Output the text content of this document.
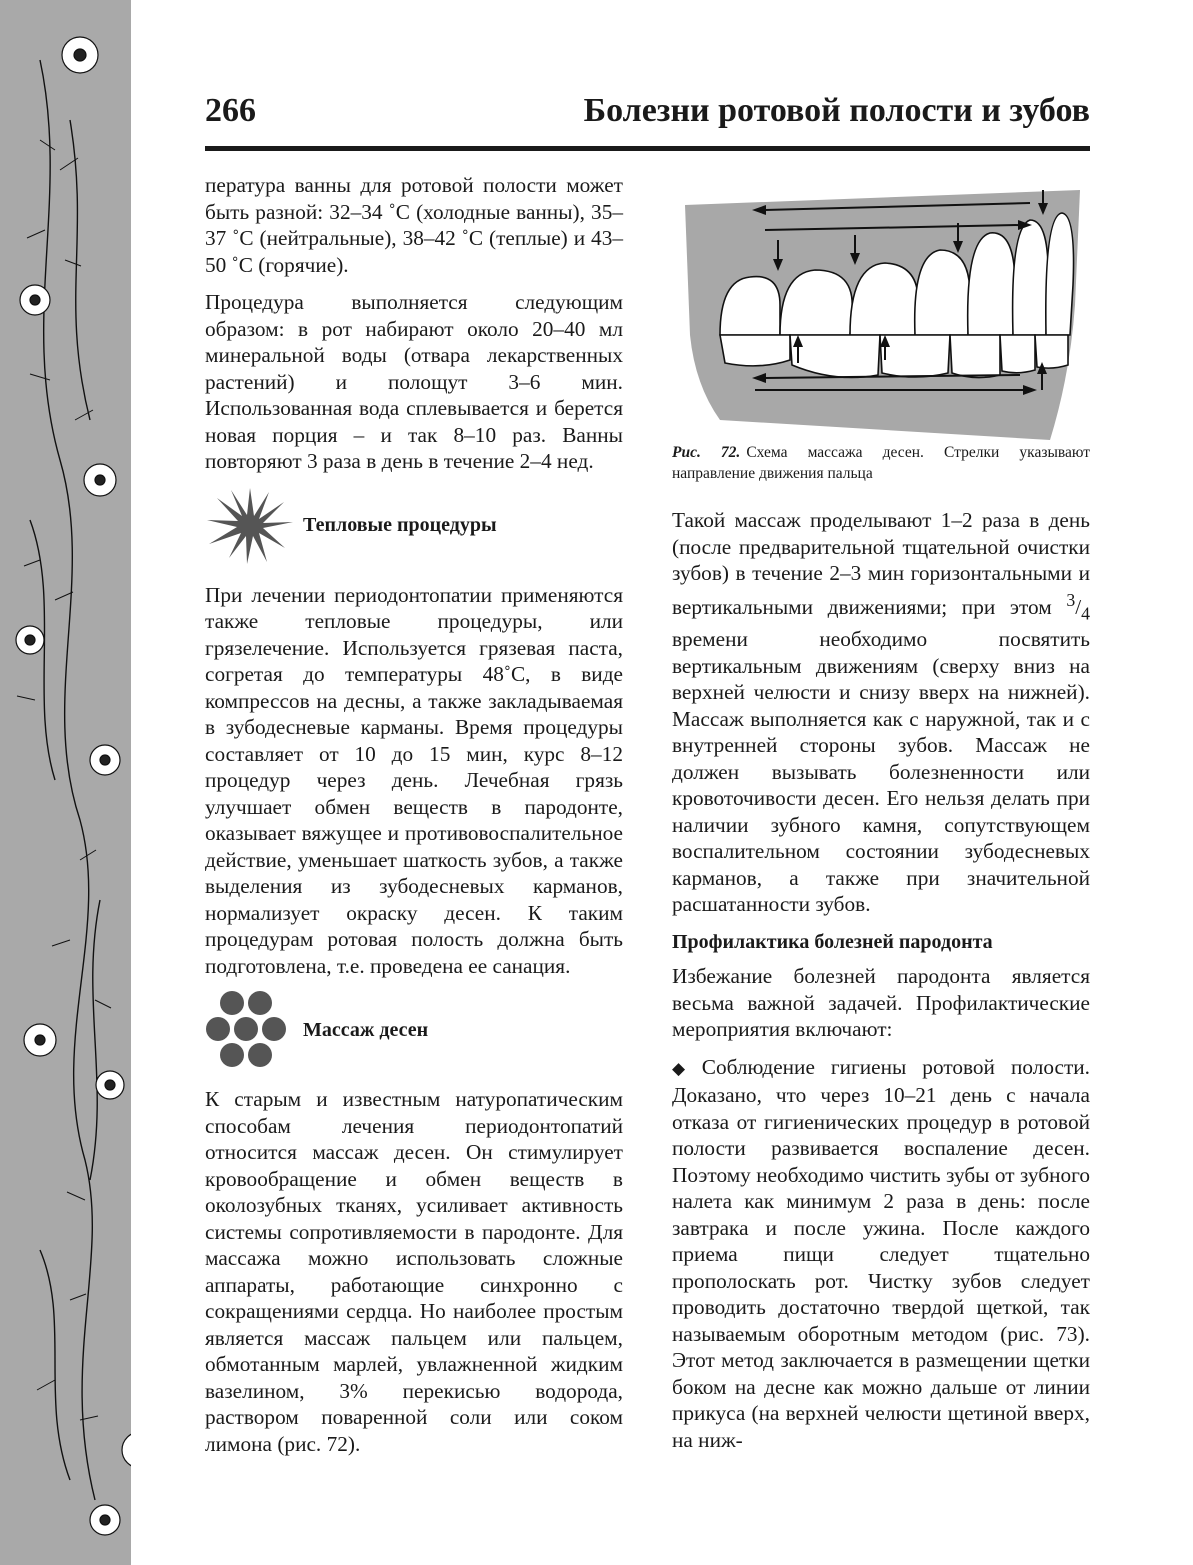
266	Болезни ротовой полости и зубов

пература ванны для ротовой полости может быть разной: 32–34 ˚С (холодные ванны), 35–37 ˚С (нейтральные), 38–42 ˚С (теплые) и 43–50 ˚С (горячие).

Процедура выполняется следующим образом: в рот набирают около 20–40 мл минеральной воды (отвара лекарственных растений) и полощут 3–6 мин. Использованная вода сплевывается и берется новая порция – и так 8–10 раз. Ванны повторяют 3 раза в день в течение 2–4 нед.

Тепловые процедуры

При лечении периодонтопатии применяются также тепловые процедуры, или грязелечение. Используется грязевая паста, согретая до температуры 48˚С, в виде компрессов на десны, а также закладываемая в зубодесневые карманы. Время процедуры составляет от 10 до 15 мин, курс 8–12 процедур через день. Лечебная грязь улучшает обмен веществ в пародонте, оказывает вяжущее и противовоспалительное действие, уменьшает шаткость зубов, а также выделения из зубодесневых карманов, нормализует окраску десен. К таким процедурам ротовая полость должна быть подготовлена, т.е. проведена ее санация.

Массаж десен

К старым и известным натуропатическим способам лечения периодонтопатий относится массаж десен. Он стимулирует кровообращение и обмен веществ в околозубных тканях, усиливает активность системы сопротивляемости в пародонте. Для массажа можно использовать сложные аппараты, работающие синхронно с сокращениями сердца. Но наиболее простым является массаж пальцем или пальцем, обмотанным марлей, увлажненной жидким вазелином, 3% перекисью водорода, раствором поваренной соли или соком лимона (рис. 72).

Рис. 72. Схема массажа десен. Стрелки указывают направление движения пальца

Такой массаж проделывают 1–2 раза в день (после предварительной тщательной очистки зубов) в течение 2–3 мин горизонтальными и вертикальными движениями; при этом $^3/_4$ времени необходимо посвятить вертикальным движениям (сверху вниз на верхней челюсти и снизу вверх на нижней). Массаж выполняется как с наружной, так и с внутренней стороны зубов. Массаж не должен вызывать болезненности или кровоточивости десен. Его нельзя делать при наличии зубного камня, сопутствующем воспалительном состоянии зубодесневых карманов, а также при значительной расшатанности зубов.

Профилактика болезней пародонта

Избежание болезней пародонта является весьма важной задачей. Профилактические мероприятия включают:

◆ Соблюдение гигиены ротовой полости. Доказано, что через 10–21 день с начала отказа от гигиенических процедур в ротовой полости развивается воспаление десен. Поэтому необходимо чистить зубы от зубного налета как минимум 2 раза в день: после завтрака и после ужина. После каждого приема пищи следует тщательно прополоскать рот. Чистку зубов следует проводить достаточно твердой щеткой, так называемым оборотным методом (рис. 73). Этот метод заключается в размещении щетки боком на десне как можно дальше от линии прикуса (на верхней челюсти щетиной вверх, на ниж-
